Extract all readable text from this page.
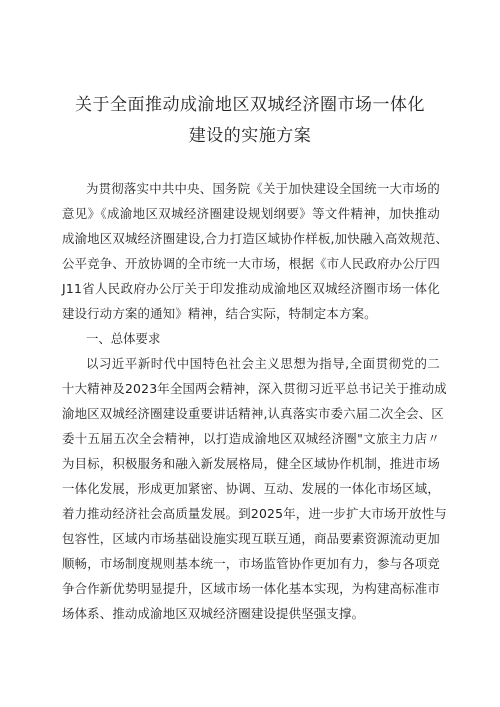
关于全面推动成渝地区双城经济圈市场一体化
建设的实施方案
为贯彻落实中共中央、国务院《关于加快建设全国统一大市场的
意见》《成渝地区双城经济圈建设规划纲要》等文件精神，加快推动
成渝地区双城经济圈建设,合力打造区域协作样板,加快融入高效规范、
公平竞争、开放协调的全市统一大市场，根据《市人民政府办公厅四
J11省人民政府办公厅关于印发推动成渝地区双城经济圈市场一体化
建设行动方案的通知》精神，结合实际，特制定本方案。
一、总体要求
以习近平新时代中国特色社会主义思想为指导,全面贯彻党的二
十大精神及2023年全国两会精神，深入贯彻习近平总书记关于推动成
渝地区双城经济圈建设重要讲话精神,认真落实市委六届二次全会、区
委十五届五次全会精神，以打造成渝地区双城经济圈"文旅主力店〃
为目标，积极服务和融入新发展格局，健全区域协作机制，推进市场
一体化发展，形成更加紧密、协调、互动、发展的一体化市场区域，
着力推动经济社会高质量发展。到2025年，进一步扩大市场开放性与
包容性，区域内市场基础设施实现互联互通，商品要素资源流动更加
顺畅，市场制度规则基本统一，市场监管协作更加有力，参与各项竞
争合作新优势明显提升，区域市场一体化基本实现，为构建高标准市
场体系、推动成渝地区双城经济圈建设提供坚强支撑。
